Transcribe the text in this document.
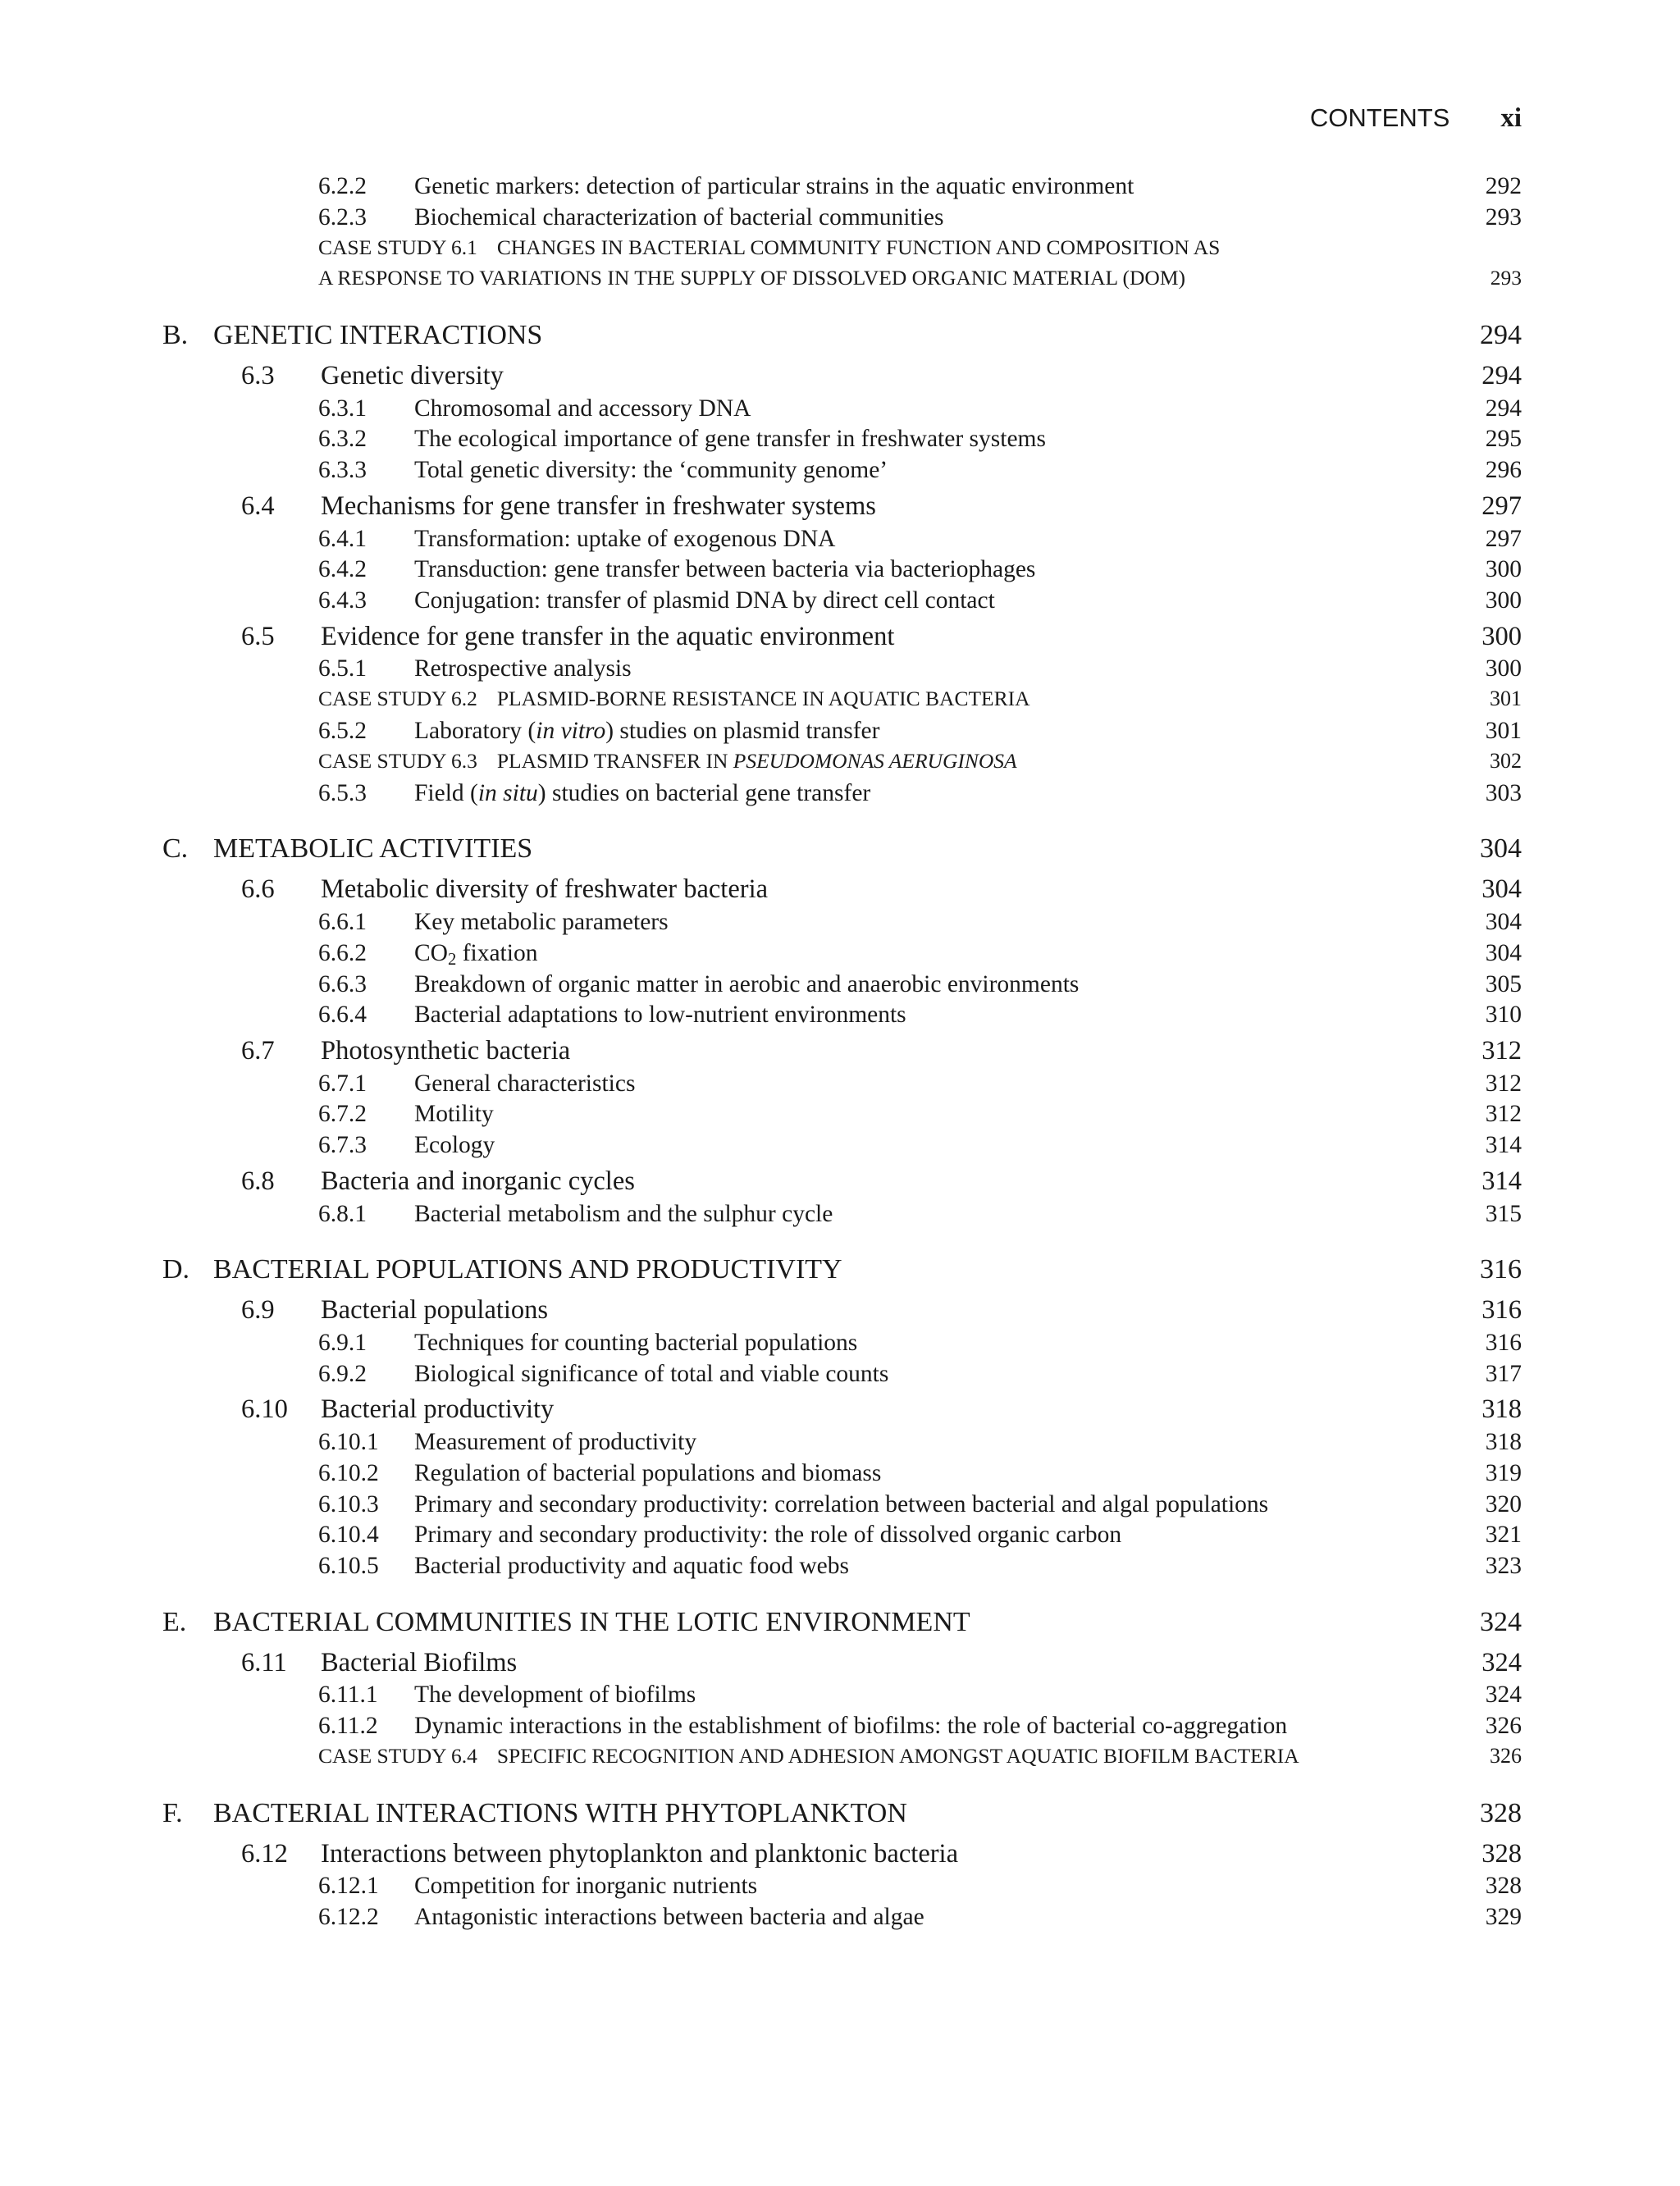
CONTENTS xi
6.2.2	Genetic markers: detection of particular strains in the aquatic environment	292
6.2.3	Biochemical characterization of bacterial communities	293
CASE STUDY 6.1 CHANGES IN BACTERIAL COMMUNITY FUNCTION AND COMPOSITION AS
A RESPONSE TO VARIATIONS IN THE SUPPLY OF DISSOLVED ORGANIC MATERIAL (DOM)	293
B. GENETIC INTERACTIONS	294
6.3	Genetic diversity	294
6.3.1	Chromosomal and accessory DNA	294
6.3.2	The ecological importance of gene transfer in freshwater systems	295
6.3.3	Total genetic diversity: the ‘community genome’	296
6.4	Mechanisms for gene transfer in freshwater systems	297
6.4.1	Transformation: uptake of exogenous DNA	297
6.4.2	Transduction: gene transfer between bacteria via bacteriophages	300
6.4.3	Conjugation: transfer of plasmid DNA by direct cell contact	300
6.5	Evidence for gene transfer in the aquatic environment	300
6.5.1	Retrospective analysis	300
CASE STUDY 6.2 PLASMID-BORNE RESISTANCE IN AQUATIC BACTERIA	301
6.5.2	Laboratory (in vitro) studies on plasmid transfer	301
CASE STUDY 6.3 PLASMID TRANSFER IN PSEUDOMONAS AERUGINOSA	302
6.5.3	Field (in situ) studies on bacterial gene transfer	303
C. METABOLIC ACTIVITIES	304
6.6	Metabolic diversity of freshwater bacteria	304
6.6.1	Key metabolic parameters	304
6.6.2	$CO_2$ fixation	304
6.6.3	Breakdown of organic matter in aerobic and anaerobic environments	305
6.6.4	Bacterial adaptations to low-nutrient environments	310
6.7	Photosynthetic bacteria	312
6.7.1	General characteristics	312
6.7.2	Motility	312
6.7.3	Ecology	314
6.8	Bacteria and inorganic cycles	314
6.8.1	Bacterial metabolism and the sulphur cycle	315
D. BACTERIAL POPULATIONS AND PRODUCTIVITY	316
6.9	Bacterial populations	316
6.9.1	Techniques for counting bacterial populations	316
6.9.2	Biological significance of total and viable counts	317
6.10	Bacterial productivity	318
6.10.1	Measurement of productivity	318
6.10.2	Regulation of bacterial populations and biomass	319
6.10.3	Primary and secondary productivity: correlation between bacterial and algal populations	320
6.10.4	Primary and secondary productivity: the role of dissolved organic carbon	321
6.10.5	Bacterial productivity and aquatic food webs	323
E. BACTERIAL COMMUNITIES IN THE LOTIC ENVIRONMENT	324
6.11	Bacterial Biofilms	324
6.11.1	The development of biofilms	324
6.11.2	Dynamic interactions in the establishment of biofilms: the role of bacterial co-aggregation	326
CASE STUDY 6.4 SPECIFIC RECOGNITION AND ADHESION AMONGST AQUATIC BIOFILM BACTERIA	326
F.	BACTERIAL INTERACTIONS WITH PHYTOPLANKTON	328
6.12	Interactions between phytoplankton and planktonic bacteria	328
6.12.1	Competition for inorganic nutrients	328
6.12.2	Antagonistic interactions between bacteria and algae	329
